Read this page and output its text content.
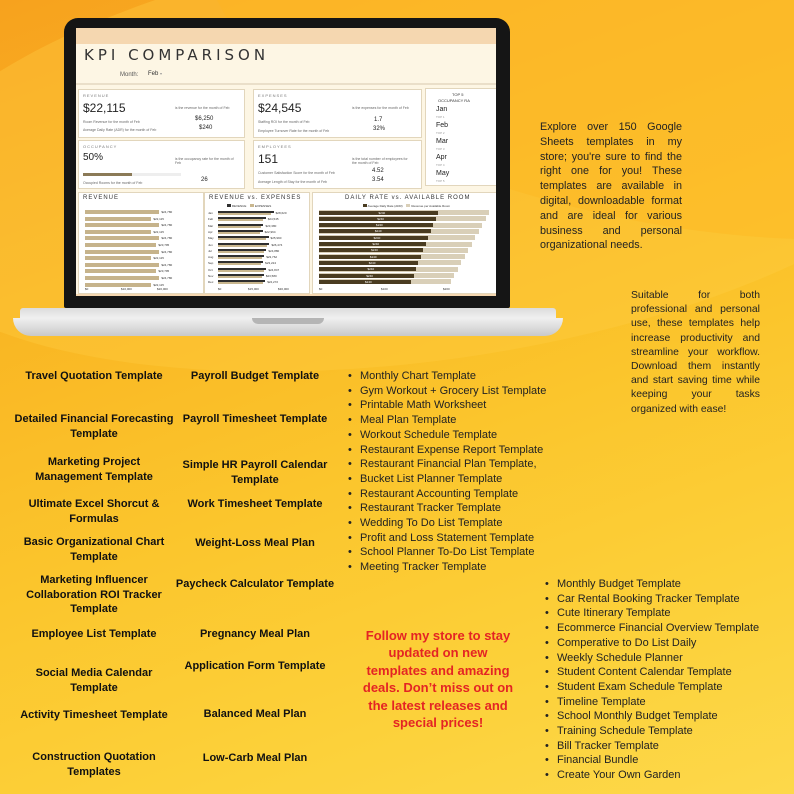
KPI COMPARISON
Month: Feb ▾
REVENUE
$22,115	is the revenue for the month of Feb
Room Revenue for the month of Feb	$6,250
Average Daily Rate (ADR) for the month of Feb	$240
EXPENSES
$24,545	is the expenses for the month of Feb
Staffing ROI for the month of Feb	1.7
Employee Turnover Rate for the month of Feb	32%
OCCUPANCY
50%	is the occupancy rate for the month of Feb
Occupied Rooms for the month of Feb	26
EMPLOYEES
151	is the total number of employees for the month of Feb
Customer Satisfaction Score for the month of Feb	4.52
Average Length of Stay for the month of Feb	3.54
TOP 5
OCCUPANCY RA
Jan
TOP 1
Feb
TOP 2
Mar
TOP 3
Apr
TOP 4
May
TOP 5
REVENUE
$24,780
$22,115
$24,780
$22,115
$24,780
$23,795
$24,780
$22,115
$24,780
$23,795
$24,780
$22,115
$0	$10,000	$20,000
REVENUE vs. EXPENSES
REVENUE	EXPENSES
Jan	$28,620
Feb	$24,545
Mar	$23,380
Apr	$22,964
May	$25,990
Jun	$26,474
Jul	$24,880
Aug	$23,762
Sep	$23,224
Oct	$24,847
Nov	$23,580
Dec	$24,272
$0	$15,000	$30,000
DAILY RATE vs. AVAILABLE ROOM
Average Daily Rate (ADR)	Revenue per Available Room
$240
$240
$240
$240
$240
$240
$240
$240
$240
$240
$240
$240
$0	$100	$200
Explore over 150 Google Sheets templates in my store; you're sure to find the right one for you! These templates are available in digital, downloadable format and are ideal for various business and personal organizational needs.
Suitable for both professional and personal use, these templates help increase productivity and streamline your workflow. Download them instantly and start saving time while keeping your tasks organized with ease!
Follow my store to stay updated on new templates and amazing deals. Don’t miss out on the latest releases and special prices!
Travel Quotation Template
Detailed Financial Forecasting Template
Marketing Project Management Template
Ultimate Excel Shorcut & Formulas
Basic Organizational Chart Template
Marketing Influencer Collaboration ROI Tracker Template
Employee List Template
Social Media Calendar Template
Activity Timesheet Template
Construction Quotation Templates
Payroll Budget Template
Payroll Timesheet Template
Simple HR Payroll Calendar Template
Work Timesheet Template
Weight-Loss Meal Plan
Paycheck Calculator Template
Pregnancy Meal Plan
Application Form Template
Balanced Meal Plan
Low-Carb Meal Plan
• Monthly Chart Template
• Gym Workout + Grocery List Template
• Printable Math Worksheet
• Meal Plan Template
• Workout Schedule Template
• Restaurant Expense Report Template
• Restaurant Financial Plan Template,
• Bucket List Planner Template
• Restaurant Accounting Template
• Restaurant Tracker Template
• Wedding To Do List Template
• Profit and Loss Statement Template
• School Planner To-Do List Template
• Meeting Tracker Template
• Monthly Budget Template
• Car Rental Booking Tracker Template
• Cute Itinerary Template
• Ecommerce Financial Overview Template
• Comperative to Do List Daily
• Weekly Schedule Planner
• Student Content Calendar Template
• Student Exam Schedule Template
• Timeline Template
• School Monthly Budget Template
• Training Schedule Template
• Bill Tracker Template
• Financial Bundle
• Create Your Own Garden
